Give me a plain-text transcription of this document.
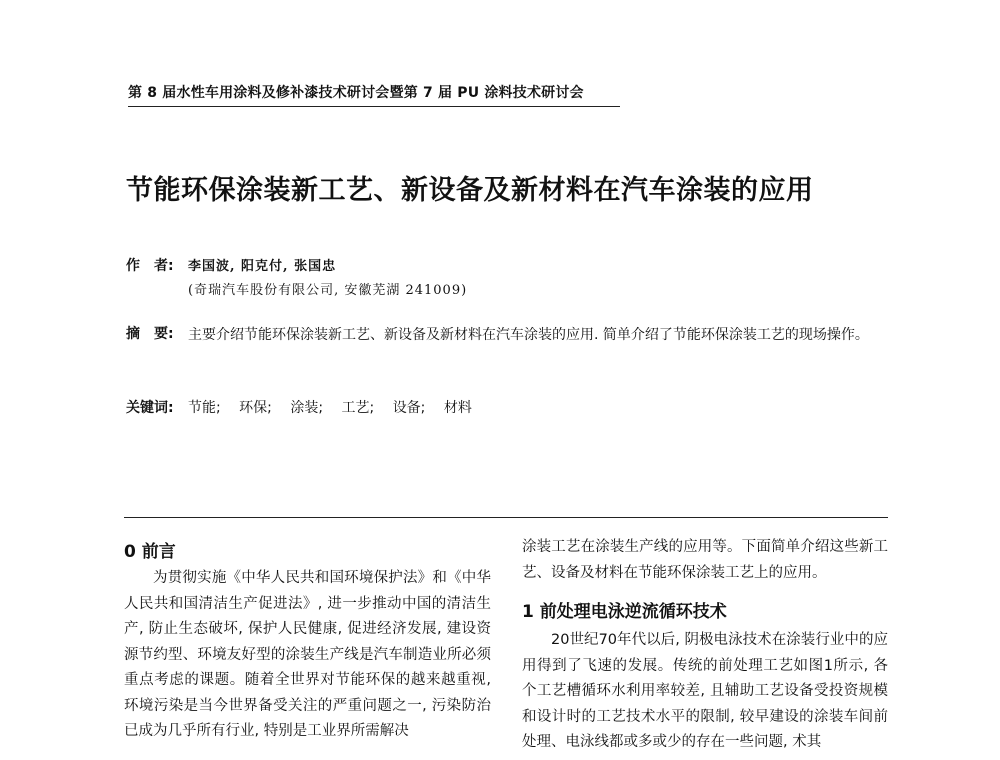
第 8 届水性车用涂料及修补漆技术研讨会暨第 7 届 PU 涂料技术研讨会
节能环保涂装新工艺、新设备及新材料在汽车涂装的应用
作　者: 李国波, 阳克付, 张国忠
(奇瑞汽车股份有限公司, 安徽芜湖 241009)
摘　要: 主要介绍节能环保涂装新工艺、新设备及新材料在汽车涂装的应用. 简单介绍了节能环保涂装工艺的现场操作。
关键词: 节能; 环保; 涂装; 工艺; 设备; 材料
0 前言

为贯彻实施《中华人民共和国环境保护法》和《中华人民共和国清洁生产促进法》, 进一步推动中国的清洁生产, 防止生态破坏, 保护人民健康, 促进经济发展, 建设资源节约型、环境友好型的涂装生产线是汽车制造业所必须重点考虑的课题。随着全世界对节能环保的越来越重视, 环境污染是当今世界备受关注的严重问题之一, 污染防治已成为几乎所有行业, 特别是工业界所需解决

涂装工艺在涂装生产线的应用等。下面简单介绍这些新工艺、设备及材料在节能环保涂装工艺上的应用。

1 前处理电泳逆流循环技术

20世纪70年代以后, 阴极电泳技术在涂装行业中的应用得到了飞速的发展。传统的前处理工艺如图1所示, 各个工艺槽循环水利用率较差, 且辅助工艺设备受投资规模和设计时的工艺技术水平的限制, 较早建设的涂装车间前处理、电泳线都或多或少的存在一些问题, 术其
